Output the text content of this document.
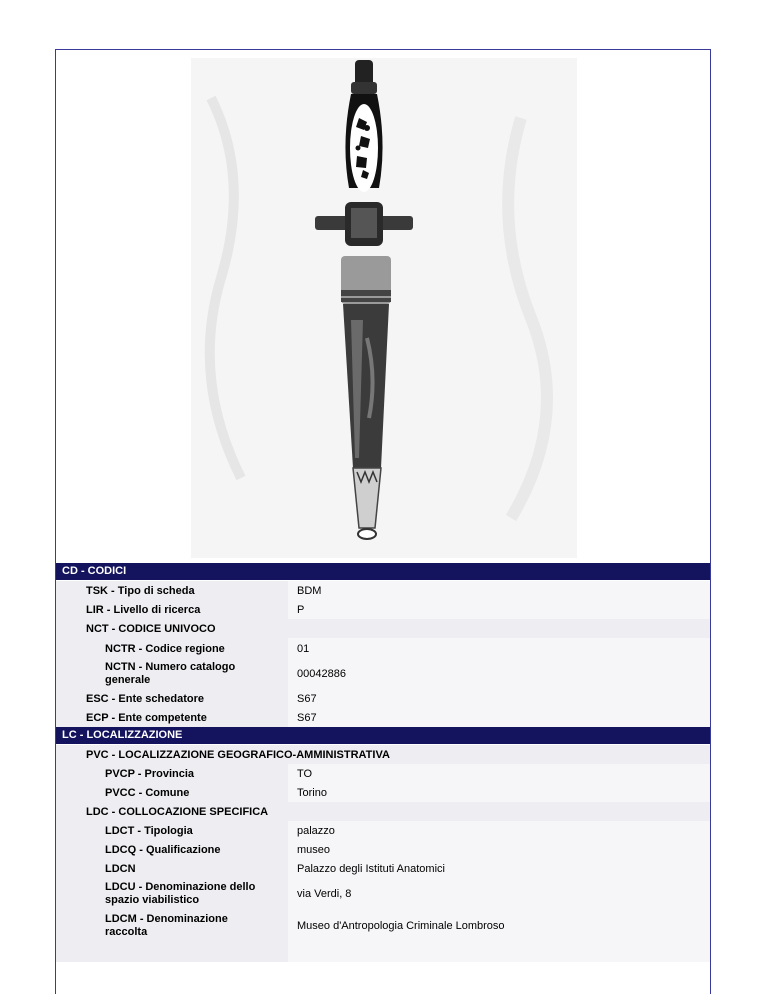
CD - CODICI
TSK - Tipo di scheda	BDM
LIR - Livello di ricerca	P
NCT - CODICE UNIVOCO
NCTR - Codice regione	01
NCTN - Numero catalogo
generale	00042886
ESC - Ente schedatore	S67
ECP - Ente competente	S67
LC - LOCALIZZAZIONE
PVC - LOCALIZZAZIONE GEOGRAFICO-AMMINISTRATIVA
PVCP - Provincia	TO
PVCC - Comune	Torino
LDC - COLLOCAZIONE SPECIFICA
LDCT - Tipologia	palazzo
LDCQ - Qualificazione	museo
LDCN	Palazzo degli Istituti Anatomici
LDCU - Denominazione dello
spazio viabilistico	via Verdi, 8
LDCM - Denominazione
raccolta	Museo d'Antropologia Criminale Lombroso
